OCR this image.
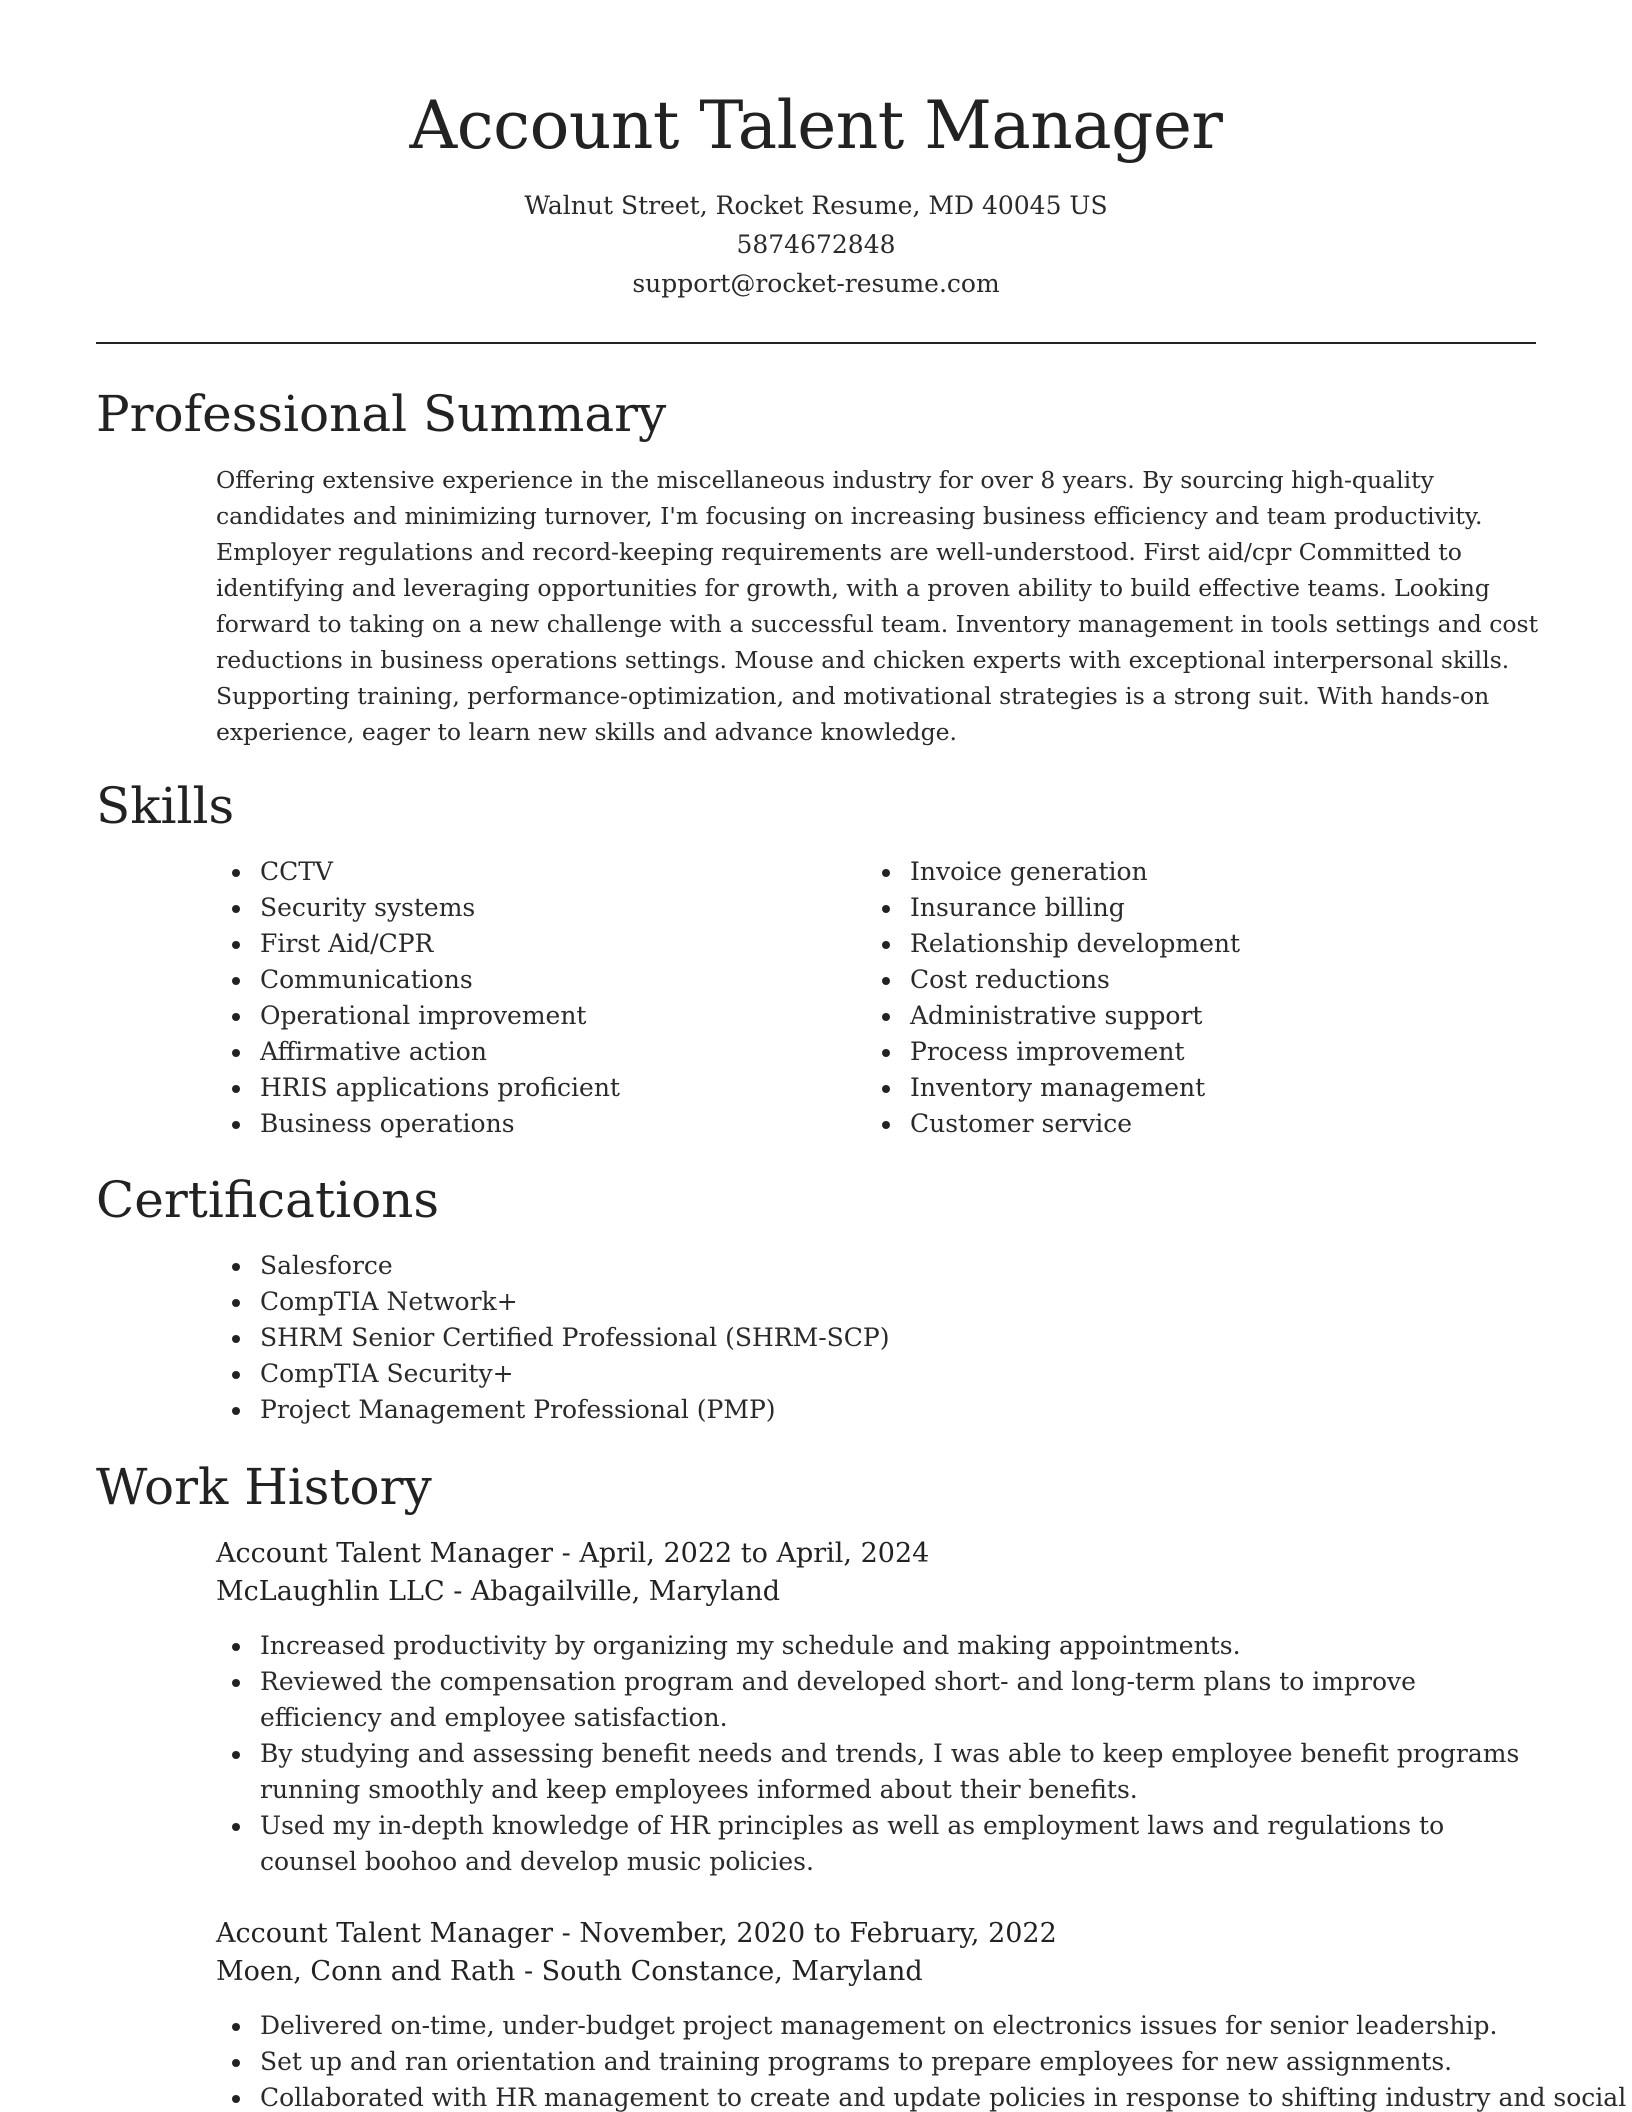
Account Talent Manager
Walnut Street, Rocket Resume, MD 40045 US
5874672848
support@rocket-resume.com
Professional Summary

Offering extensive experience in the miscellaneous industry for over 8 years. By sourcing high-quality candidates and minimizing turnover, I'm focusing on increasing business efficiency and team productivity. Employer regulations and record-keeping requirements are well-understood. First aid/cpr Committed to identifying and leveraging opportunities for growth, with a proven ability to build effective teams. Looking forward to taking on a new challenge with a successful team. Inventory management in tools settings and cost reductions in business operations settings. Mouse and chicken experts with exceptional interpersonal skills. Supporting training, performance-optimization, and motivational strategies is a strong suit. With hands-on experience, eager to learn new skills and advance knowledge.

Skills
CCTV
Security systems
First Aid/CPR
Communications
Operational improvement
Affirmative action
HRIS applications proficient
Business operations
Invoice generation
Insurance billing
Relationship development
Cost reductions
Administrative support
Process improvement
Inventory management
Customer service
Certifications
Salesforce
CompTIA Network+
SHRM Senior Certified Professional (SHRM-SCP)
CompTIA Security+
Project Management Professional (PMP)
Work History
Account Talent Manager - April, 2022 to April, 2024
McLaughlin LLC - Abagailville, Maryland
Increased productivity by organizing my schedule and making appointments.
Reviewed the compensation program and developed short- and long-term plans to improve efficiency and employee satisfaction.
By studying and assessing benefit needs and trends, I was able to keep employee benefit programs running smoothly and keep employees informed about their benefits.
Used my in-depth knowledge of HR principles as well as employment laws and regulations to counsel boohoo and develop music policies.
Account Talent Manager - November, 2020 to February, 2022
Moen, Conn and Rath - South Constance, Maryland
Delivered on-time, under-budget project management on electronics issues for senior leadership.
Set up and ran orientation and training programs to prepare employees for new assignments.
Collaborated with HR management to create and update policies in response to shifting industry and social
